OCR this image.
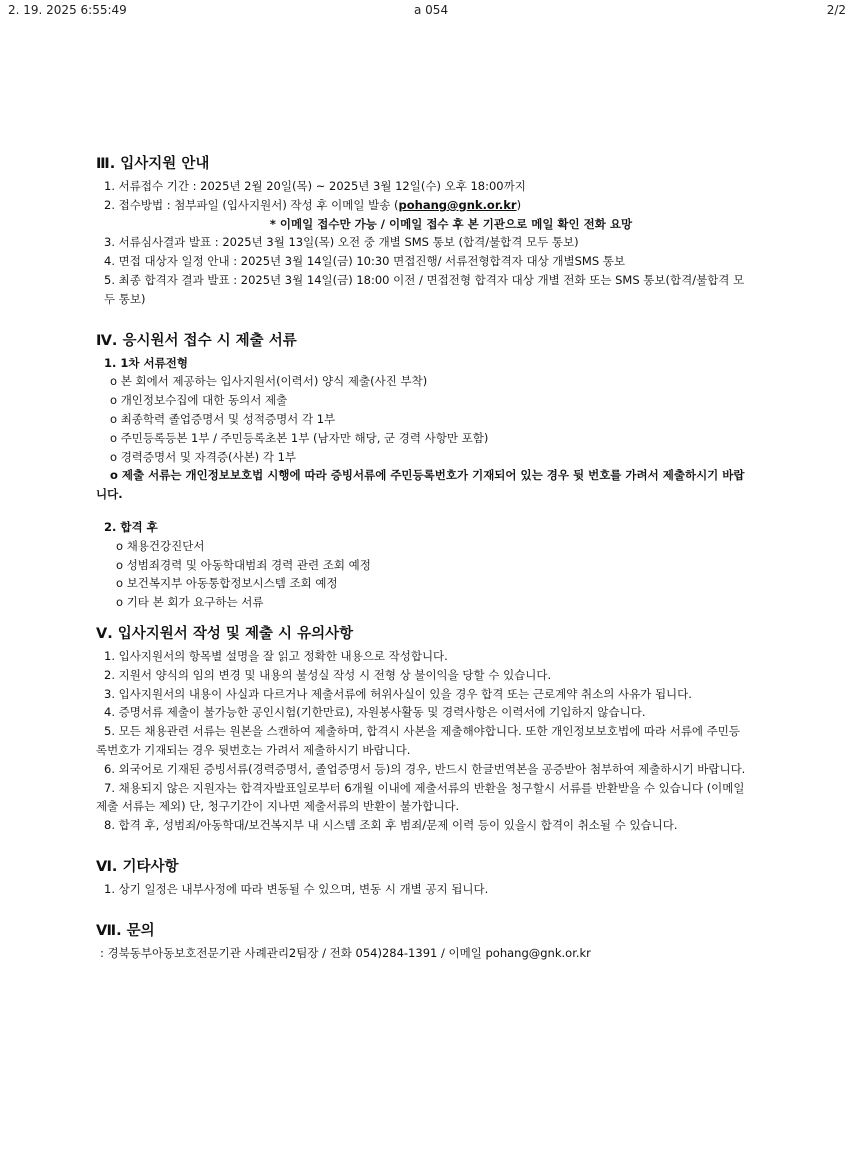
2. 19. 2025 6:55:49	a 054	2/2
Ⅲ. 입사지원 안내
1. 서류접수 기간 : 2025년 2월 20일(목) ~ 2025년 3월 12일(수) 오후 18:00까지
2. 접수방법 : 첨부파일 (입사지원서) 작성 후 이메일 발송 (pohang@gnk.or.kr)
* 이메일 접수만 가능 / 이메일 접수 후 본 기관으로 메일 확인 전화 요망
3. 서류심사결과 발표 : 2025년 3월 13일(목) 오전 중 개별 SMS 통보 (합격/불합격 모두 통보)
4. 면접 대상자 일정 안내 : 2025년 3월 14일(금) 10:30 면접진행/ 서류전형합격자 대상 개별SMS 통보
5. 최종 합격자 결과 발표 : 2025년 3월 14일(금) 18:00 이전 / 면접전형 합격자 대상 개별 전화 또는 SMS 통보(합격/불합격 모두 통보)
Ⅳ. 응시원서 접수 시 제출 서류
1. 1차 서류전형
o 본 회에서 제공하는 입사지원서(이력서) 양식 제출(사진 부착)
o 개인정보수집에 대한 동의서 제출
o 최종학력 졸업증명서 및 성적증명서 각 1부
o 주민등록등본 1부 / 주민등록초본 1부 (남자만 해당, 군 경력 사항만 포함)
o 경력증명서 및 자격증(사본) 각 1부
o 제출 서류는 개인정보보호법 시행에 따라 증빙서류에 주민등록번호가 기재되어 있는 경우 뒷 번호를 가려서 제출하시기 바랍니다.
2. 합격 후
o 채용건강진단서
o 성범죄경력 및 아동학대범죄 경력 관련 조회 예정
o 보건복지부 아동통합정보시스템 조회 예정
o 기타 본 회가 요구하는 서류
Ⅴ. 입사지원서 작성 및 제출 시 유의사항
1. 입사지원서의 항목별 설명을 잘 읽고 정확한 내용으로 작성합니다.
2. 지원서 양식의 임의 변경 및 내용의 불성실 작성 시 전형 상 불이익을 당할 수 있습니다.
3. 입사지원서의 내용이 사실과 다르거나 제출서류에 허위사실이 있을 경우 합격 또는 근로계약 취소의 사유가 됩니다.
4. 증명서류 제출이 불가능한 공인시험(기한만료), 자원봉사활동 및 경력사항은 이력서에 기입하지 않습니다.
5. 모든 채용관련 서류는 원본을 스캔하여 제출하며, 합격시 사본을 제출해야합니다. 또한 개인정보보호법에 따라 서류에 주민등록번호가 기재되는 경우 뒷번호는 가려서 제출하시기 바랍니다.
6. 외국어로 기재된 증빙서류(경력증명서, 졸업증명서 등)의 경우, 반드시 한글번역본을 공증받아 첨부하여 제출하시기 바랍니다.
7. 채용되지 않은 지원자는 합격자발표일로부터 6개월 이내에 제출서류의 반환을 청구할시 서류를 반환받을 수 있습니다 (이메일 제출 서류는 제외) 단, 청구기간이 지나면 제출서류의 반환이 불가합니다.
8. 합격 후, 성범죄/아동학대/보건복지부 내 시스템 조회 후 범죄/문제 이력 등이 있을시 합격이 취소될 수 있습니다.
Ⅵ. 기타사항
1. 상기 일정은 내부사정에 따라 변동될 수 있으며, 변동 시 개별 공지 됩니다.
Ⅶ. 문의
: 경북동부아동보호전문기관 사례관리2팀장 / 전화 054)284-1391 / 이메일 pohang@gnk.or.kr
